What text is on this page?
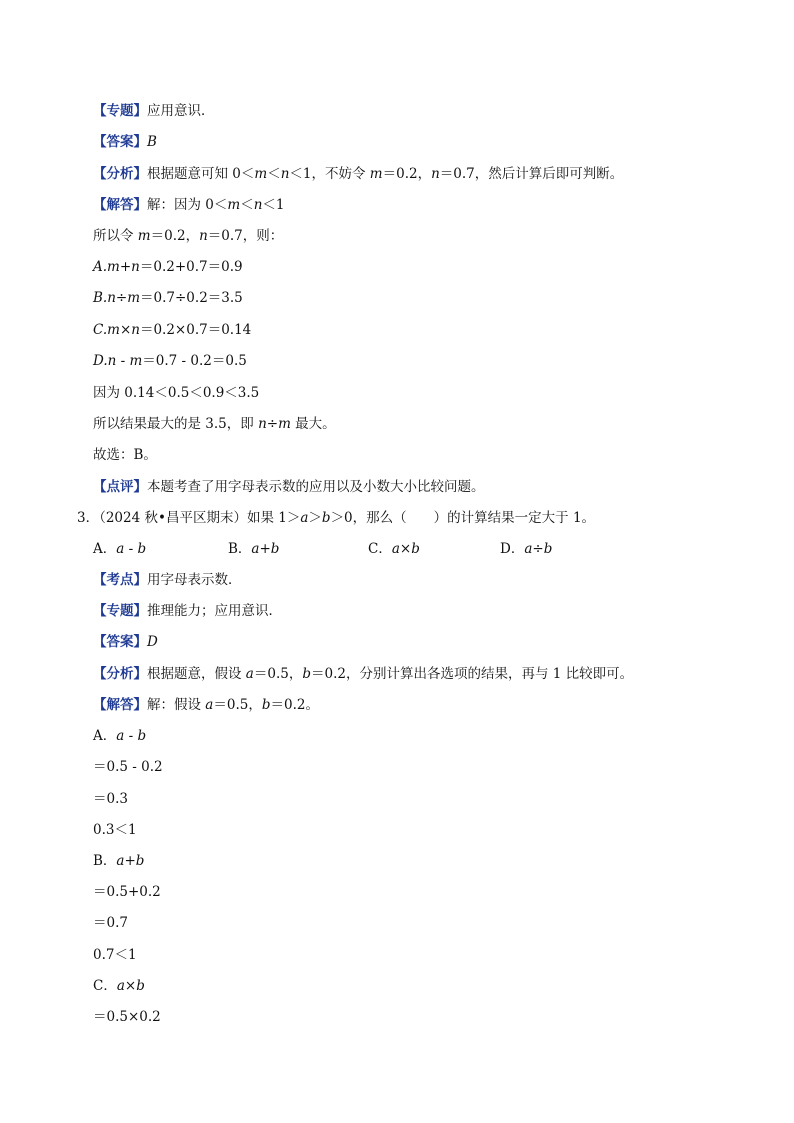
【专题】应用意识．
【答案】B
【分析】根据题意可知 0＜m＜n＜1，不妨令 m＝0.2，n＝0.7，然后计算后即可判断。
【解答】解：因为 0＜m＜n＜1
所以令 m＝0.2，n＝0.7，则：
A.m+n＝0.2+0.7＝0.9
B.n÷m＝0.7÷0.2＝3.5
C.m×n＝0.2×0.7＝0.14
D.n - m＝0.7 - 0.2＝0.5
因为 0.14＜0.5＜0.9＜3.5
所以结果最大的是 3.5，即 n÷m 最大。
故选：B。
【点评】本题考查了用字母表示数的应用以及小数大小比较问题。
3．（2024 秋•昌平区期末）如果 1＞a＞b＞0，那么（　　）的计算结果一定大于 1。
A．a - b	B．a+b	C．a×b	D．a÷b
【考点】用字母表示数．
【专题】推理能力；应用意识．
【答案】D
【分析】根据题意，假设 a＝0.5，b＝0.2，分别计算出各选项的结果，再与 1 比较即可。
【解答】解：假设 a＝0.5，b＝0.2。
A．a - b
＝0.5 - 0.2
＝0.3
0.3＜1
B．a+b
＝0.5+0.2
＝0.7
0.7＜1
C．a×b
＝0.5×0.2
